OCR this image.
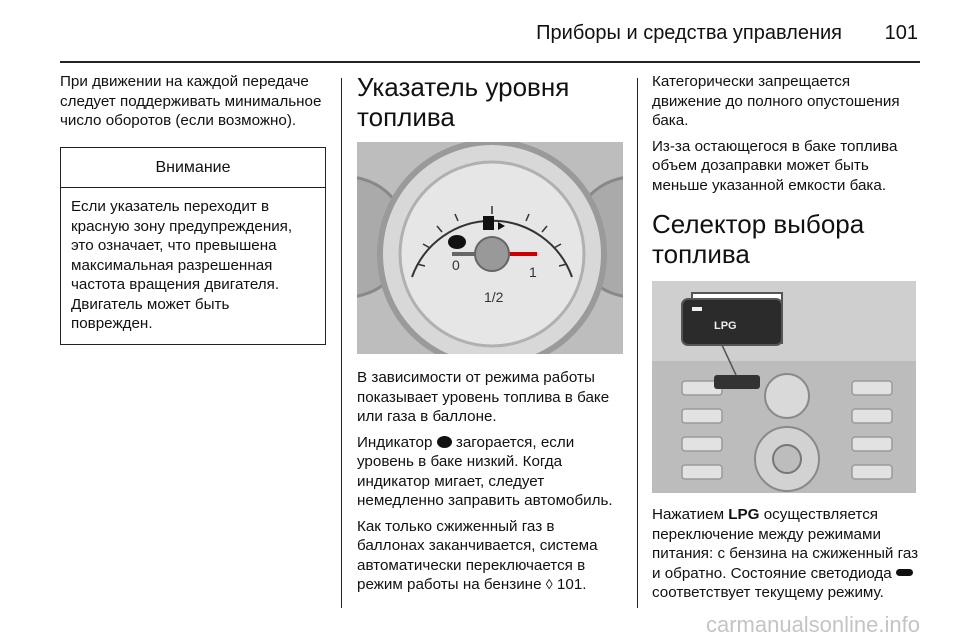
Приборы и средства управления 101

При движении на каждой передаче следует поддерживать минимальное число оборотов (если возможно).

Внимание
Если указатель переходит в красную зону предупреждения, это означает, что превышена максимальная разрешенная частота вращения двигателя. Двигатель может быть поврежден.
Указатель уровня топлива
0
1/2
1

В зависимости от режима работы показывает уровень топлива в баке или газа в баллоне.

Индикатор загорается, если уровень в баке низкий. Когда индикатор мигает, следует немедленно заправить автомобиль.

Как только сжиженный газ в баллонах заканчивается, система автоматически переключается в режим работы на бензине ◊ 101.

Категорически запрещается движение до полного опустошения бака.

Из-за остающегося в баке топлива объем дозаправки может быть меньше указанной емкости бака.

Селектор выбора топлива
LPG

Нажатием LPG осуществляется переключение между режимами питания: с бензина на сжиженный газ и обратно. Состояние светодиода  соответствует текущему режиму.

carmanualsonline.info
